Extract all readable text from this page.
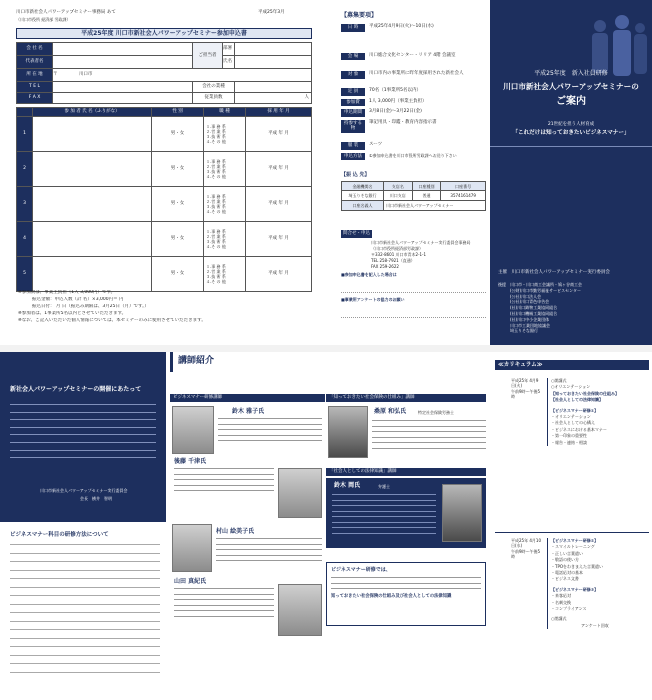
川口市新社会人パワーアップセミナー事務局 あて
（川口市役所 経済部 労政課）
平成25年3月
平成25年度 川口市新社会人パワーアップセミナー参加申込書
会 社 名		ご担当者	部署	
代表者名			氏名	
所 在 地	〒 川口市			
T E L		会社の業種		
F A X		従業員数		人
	参 加 者 氏 名（ふりがな）	性 別	職 種	採 用 年 月
1		男・女	１.事 務 系
２.営 業 系
３.技 術 系
４.そ の 他	平成 年 月
2		男・女	１.事 務 系
２.営 業 系
３.技 術 系
４.そ の 他	平成 年 月
3		男・女	１.事 務 系
２.営 業 系
３.技 術 系
４.そ の 他	平成 年 月
4		男・女	１.事 務 系
２.営 業 系
３.技 術 系
４.そ の 他	平成 年 月
5		男・女	１.事 務 系
２.営 業 系
３.技 術 系
４.そ の 他	平成 年 月
※参加費は、事業主負担（1人 3,000円）です。
振込金額：申込人数（計 名）×3,000円＝ 円
振込日付： 月 日（振込み期限は、3月25日（月）です。）
※参加者は、1事業所5名以内とさせていただきます。
※なお、ご記入いただいた個人情報については、本セミナーのみに使用させていただきます。
【募集要項】
日 時	平成25年4月9日(火)〜10日(水)
会 場	川口総合文化センター・リリア 4階 会議室
対 象	川口市内の事業所に昨年度採用された新社会人
定 員	70名（1事業所5名以内）
参加費	1人 3,000円（事業主負担）
申込期間	3月8日(金)〜3月22日(金)
持参する物
筆記用具・印鑑・教育内容指示書
服 装	スーツ
申込方法	①参加申込書を川口市役所労政課へお送り下さい
【振 込 先】
金融機関名	支店名	口座種別	口座番号
埼玉りそな銀行	川口支店	普通	3574161479
口座名義人	川口市新社会人パワーアップセミナー		
問合せ・申込
川口市新社会人パワーアップセミナー実行委員会事務局
（川口市役所経済部労政課）
〒332-8601 川口市青木2-1-1
TEL 258-7921（直通）
FAX 259-2622
■参加申込書を記入した場合は
■事業所アンケートの協力のお願い
平成25年度　新入社員研修
川口市新社会人パワーアップセミナーの
ご案内
21世紀を担う人材育成
「これだけは知っておきたいビジネスマナー」
主催　川口市新社会人パワーアップセミナー実行委員会
後援	川口市・川口商工会議所・鳩ヶ谷商工会
(公財)川口市勤労福祉サービスセンター
(公社)川口法人会
(公社)川口青色申告会
(社)川口鋳物工業協同組合
(社)川口機械工業協同組合
(社)川口中小企業団体
川口市工業団地協議会
埼玉りそな銀行
新社会人パワーアップセミナーの開催にあたって
川口市新社会人パワーアップセミナー実行委員会
会長　横井　智明
ビジネスマナー科目の研修方法について
講師紹介
ビジネスマナー研修講師	「知っておきたい社会保険の仕組み」講師
鈴木 雅子氏
後藤 千津氏
村山 絵美子氏
山田 真紀氏
桑原 和弘氏	特定社会保険労務士
「社会人としての法律知識」講師
鈴木 岡氏	弁護士
ビジネスマナー研修では、
知っておきたい社会保険の仕組み及び社会人としての法律知識
≪カリキュラム≫
平成25年 4月9日(火)
午前9時〜午後5時
○開講式
○オリエンテーション
【知っておきたい社会保険の仕組み】
【社会人としての法律知識】
【ビジネスマナー研修①】
・オリエンテーション
・社会人としての心構え
・ビジネスにおける基本マナー
・第一印象の重要性
・報告・連絡・相談
平成25年 4月10日(水)
午前9時〜午後5時
【ビジネスマナー研修②】
・スマイルトレーニング
・正しい言葉遣い
・敬語の使い方
・TPOをわきまえた言葉遣い
・電話応対の基本
・ビジネス文書
【ビジネスマナー研修③】
・来客応対
・名刺交換
・コンプライアンス
○閉講式
アンケート回収
